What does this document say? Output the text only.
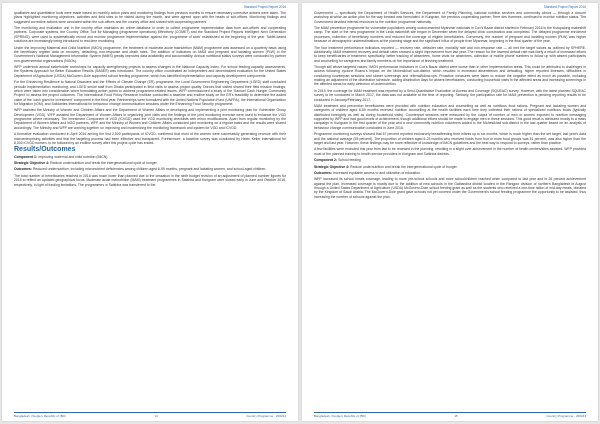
Standard Project Report 2016

qualitative and quantitative tools were made based on monthly action plans and monitoring findings from previous months to ensure necessary corrective actions were taken. The plans highlighted monitoring objectives, activities and field sites to be visited during the month, and were agreed upon with the heads of sub-offices. Monitoring findings and suggested corrective actions were circulated within the sub-offices and the country office and shared with cooperating partners.

The monitoring and evaluation unit in the country office maintains an online database in order to collect programme implementation data from sub-offices and cooperating partners. Corporate systems, the Country Office Tool for Managing (programme operations) Effectively (COMET) and the Standard Project Reports Intelligent Next Generation (SPRING), were used to systematically record and monitor programme implementation against the 'programme of work' established at the beginning of the year. Tablet-based solutions are increasingly being introduced to real-time monitoring.

Under the Improving Maternal and Child Nutrition (IMCN) programme, the treatment of moderate acute malnutrition (MAM) programme was assessed on a quarterly basis using the beneficiary register data on recovery, defaulting, non-response and death rates. The addition of indicators on MAM and pregnant and lactating women (PLW) in the Government's National Management Information System (NMIS) greatly improved data availability and accountability. Annual nutritional status surveys were conducted by partner non-governmental organizations (NGOs).

WFP undertook annual stakeholder workshops for capacity strengthening projects to assess changes in the National Capacity Index. For school feeding capacity assessments, the Systems Approach for Better Education Results (SABER) was introduced. The country office coordinated an independent and decentralized evaluation for the United States Department of Agriculture (USDA) McGovern-Dole supported school feeding programme, which has identified implementation and capacity development components.

For the Enhancing Resilience to Natural Disasters and the Effects of Climate Change (ER) programme, the Local Government Engineering Department (LGED) staff conducted periodic implementation monitoring, and LGED senior staff from Dhaka participated in field visits to assess project quality. Donors that visited shared their field mission findings, which were taken into consideration when formulating action points to address programme-related issues. WFP commissioned a study of the 'Samuel Cash Hunger Community Project' to assess the project outcomes. The International Food Policy Research Institute conducted a baseline and endline study on the ER's feasibility to determine the added value of the 'cash grant for investment' component in the third year. Partnerships were formalized with the United Nations Population Fund (UNFPA), the International Organization for Migration (IOM), and Solidarités International for behaviour change communication sessions under the Enhancing Food Security programme.

WFP assisted the Ministry of Women and Children Affairs and the Department of Women Affairs in developing and implementing a joint monitoring plan for Vulnerable Group Development (VGD). WFP assisted the Department of Women Affairs in organizing joint visits and the findings of the joint monitoring exercise were used to enhance the VGD programme where necessary. The Investment Component of VGD (ICVGD) used the VGD monitoring checklists with minor modifications. Apart from regular monitoring by the Department of Women Affairs and NGO partners, WFP and the Ministry of Women and Children Affairs conducted joint monitoring on a regular basis and the results were shared accordingly. The Ministry and WFP are working together on improving and modernizing the monitoring framework and system for VGD and ICVGD.

A formative evaluation conducted in April 2016 among the first 2,000 participants of ICVGD, confirmed that most of the women were successfully generating revenue with their microenterprising activities and that the targeting process had been effective and transparent. Furthermore, a baseline survey was conducted by Helen Keller International for 8,000 ICVGD women, to be followed by an endline survey after this project cycle has ended.

Results/Outcomes

Component 1: Improving maternal and child nutrition (IMCN)

Strategic Objective 4: Reduce undernutrition and break the intergenerational cycle of hunger.

Outcomes: Reduced undernutrition, including micronutrient deficiencies among children aged 6-59 months, pregnant and lactating women, and school-aged children.

The total number of beneficiaries reached in 2016 was much lower than planned due to the cessation in the ninth budget revision of an adjustment of planned number figures for 2016 to reflect an updated geographical focus. Moderate acute malnutrition (MAM) treatment programmes in Satkhira and Kurigram were closed early in June and October 2016, respectively, in light of funding limitations. The programmes in Satkhira was transferred to the

Bangladesh, People's Republic of (BD)	14	Country Programme - 200243
Standard Project Report 2016

Government — specifically the Department of Health Services, the Department of Family Planning, national nutrition services and community clinics — through a closure workshop at which an action plan for the way forward was formulated. In Kurigram, the previous cooperating partner, Terre des Hommes, continued to monitor nutrition status. The Government devoted internal resources to the nutrition programme nationally.

The MAM prevention programme for vulnerable populations among undocumented Myanmar nationals in Cox's Bazar district started in February 2016 in the Kutupalong makeshift camp. The start of the new programme in the Leda makeshift site began in December when the delayed clinic construction was completed. The delayed programme enrolment processes, collection of beneficiary numbers and reduced the coverage of eligible beneficiaries. Conversely, the number of pregnant and lactating women (PLW) was higher because of demographic underestimations at the planning stage and the significant influx of people from Myanmar, beginning in the final quarter of the year.

The four treatment performance indicators reported — recovery rate, defaulter rate, mortality rate and non-response rate — all met the target values as outlined by SPHERE. Additionally, MAM treatment recovery and default rates showed a slight improvement from last year. The reason for the lowered default rate was likely a result of increased efforts to keep beneficiaries in treatment; specifically, better tracking of absentees, home visits for absentees, collection of mobile phone numbers to follow up with absent participants and counselling for caregivers and family members on the importance of finishing treatment.

Though still above targeted values, IMCN performance indicators in Cox's Bazar district were worse than in other implementation areas. This could be attributed to challenges in access following cyclone Roanu's impact on the Mohesikhali sub-district, which resulted in increased absenteeism and defaulting, higher reported illnesses, difficulties in conducting counterpart sessions and slower screenings and referral/follow-ups. Proactive measures were taken to reduce the negative effect as much as possible, including making an adjustment of the distribution schedule, adding distribution days for absent beneficiaries, conducting household visits in the affected areas and increasing screenings in the affected areas for early detection of undernutrition.

In 2015, the coverage for MAM treatment was reported by a Semi-Quantitative Evaluation of Access and Coverage (SQUEAC) survey. However, with the latest planned SQUEAC survey to be conducted in March 2017, the data was not available at the time of reporting. Similarly, the participation rate for MAM prevention is pending reporting results to be conducted in January/February 2017.

MAM treatment and prevention beneficiaries were provided with nutrition education and counselling as well as nutritious food rations. Pregnant and lactating women and caregivers of children aged 6-59 months received nutrition counselling at the health facilities each time they collected their rations of specialized nutritious foods (typically distributed fortnightly as well as during household visits). Counterpart sessions were measured by the output of number of men or women exposed to nutrition messaging supported by WFP and had good levels of achievement, though additional efforts should be made to engage men in these sessions. This good result is attributed mostly to a mass campaign in Kurigram in the first quarter of the year and a new community nutrition volunteers added to the Mohesikhali sub-district in the last quarter based on an analysis of behaviour change communication conducted in June 2016.

Programme monitoring surveys showed that 67 percent reported exclusively breastfeeding their infants up to six months, which is much higher than the set target, last year's data and the national average (55 percent). The proportion of children aged 6-23 months who received foods from four or more food groups was 81 percent, was also higher than the target and last year. However, these findings may be more reflective of knowledge of IMCN guidelines and the best way to respond to surveys, rather than practice.

A few facilities were excluded this year from last to be renewed in the planning, resulting in a slight over-achievement in the number of health centres/sites assisted. WFP provided most of the planned training to health service providers in Kurigram and Satkhira districts.

Component 2: School feeding

Strategic Objective 4: Reduce undernutrition and break the intergenerational cycle of hunger.

Outcomes: Increased equitable access to and utilization of education.

WFP increased its school meals coverage, leading to more pre-school schools and more schoolchildren reached when compared to last year and in 26 percent achievement against the plan. Increased coverage is mostly due to the addition of new schools in the Gaibandha district located in the Rangpur division of northern Bangladesh in August through a United States Department of Agriculture (USDA) McGovern-Dole school feeding grant as well as the students who received a one-time ration of mid-day meals, donated by the Kingdom of Saudi Arabia. The McGovern-Dole grant gave schools not yet covered under the Government's school feeding programme the opportunity to be assisted, thus increasing the number of schools against the plan.

Bangladesh, People's Republic of (BD)	15	Country Programme - 200243
